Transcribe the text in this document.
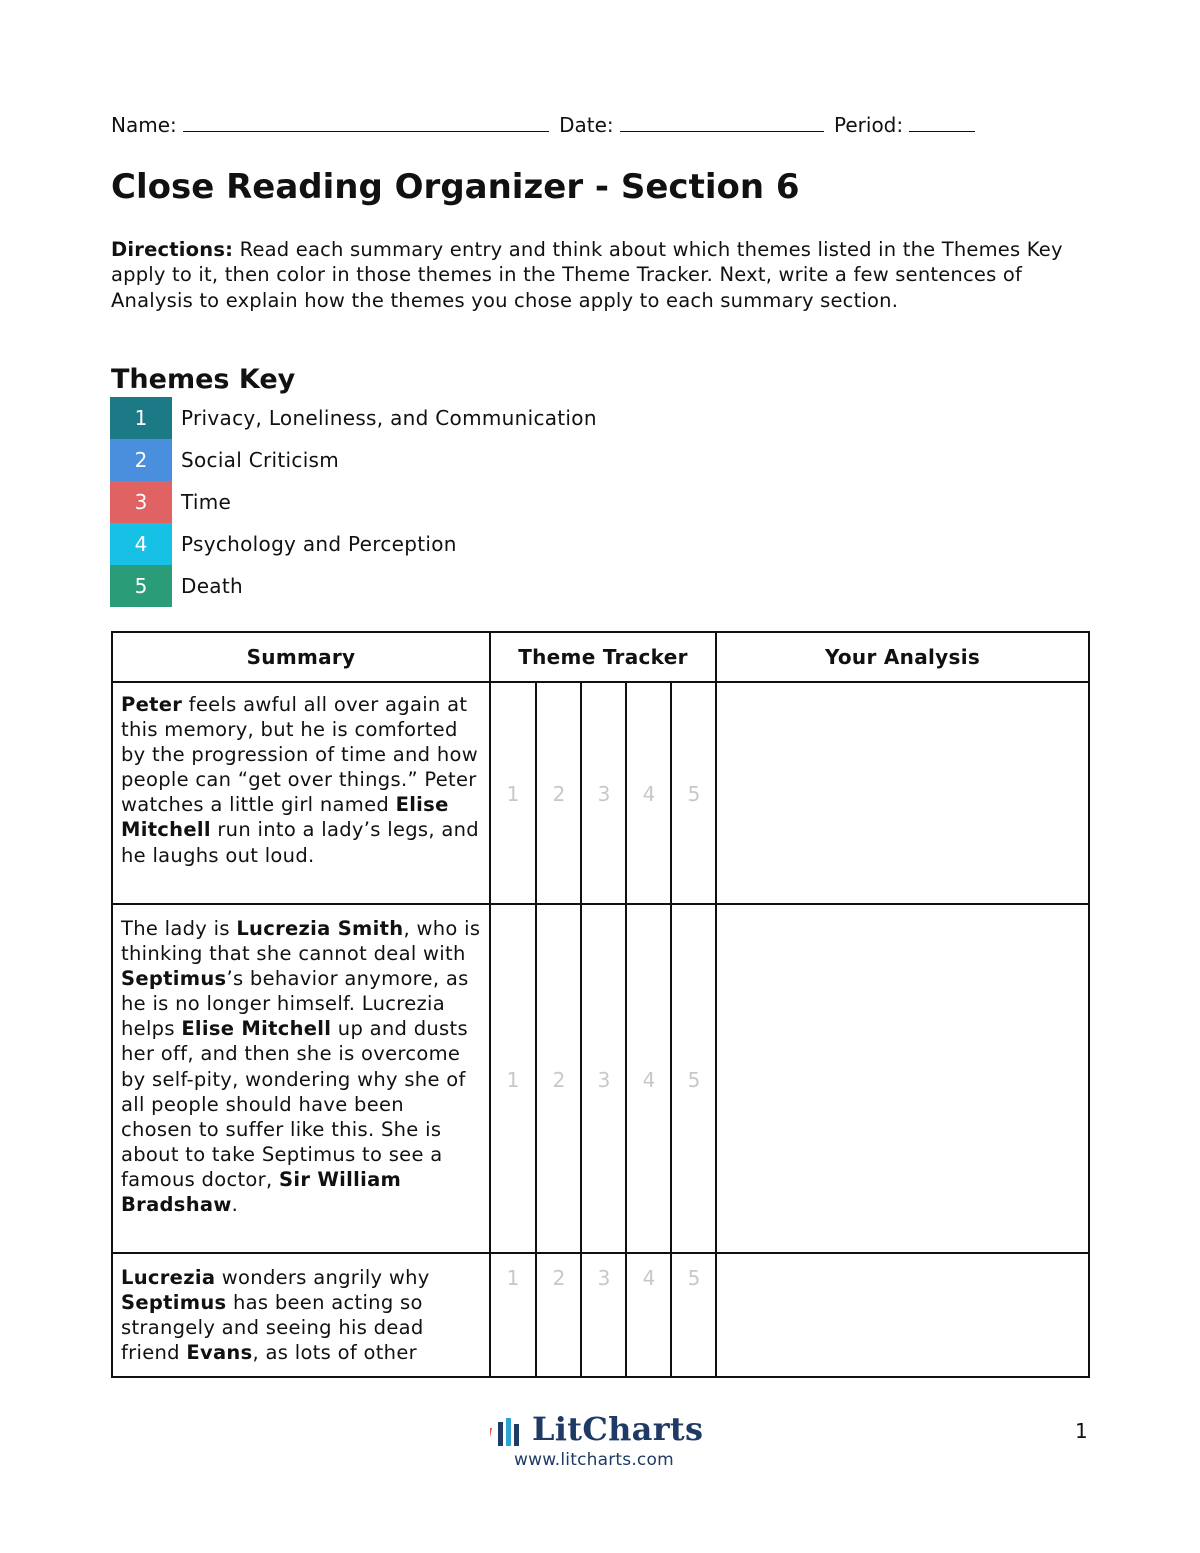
Name:	Date:	Period:
Close Reading Organizer - Section 6
Directions: Read each summary entry and think about which themes listed in the Themes Key apply to it, then color in those themes in the Theme Tracker. Next, write a few sentences of Analysis to explain how the themes you chose apply to each summary section.
Themes Key
1	Privacy, Loneliness, and Communication
2	Social Criticism
3	Time
4	Psychology and Perception
5	Death
Summary	Theme Tracker	Your Analysis
Peter feels awful all over again at this memory, but he is comforted by the progression of time and how people can “get over things.” Peter watches a little girl named Elise Mitchell run into a lady’s legs, and he laughs out loud.
1	2	3	4	5
The lady is Lucrezia Smith, who is thinking that she cannot deal with Septimus’s behavior anymore, as he is no longer himself. Lucrezia helps Elise Mitchell up and dusts her off, and then she is overcome by self-pity, wondering why she of all people should have been chosen to suffer like this. She is about to take Septimus to see a famous doctor, Sir William Bradshaw.
1	2	3	4	5
Lucrezia wonders angrily why Septimus has been acting so strangely and seeing his dead friend Evans, as lots of other
1	2	3	4	5
LitCharts
www.litcharts.com
1
